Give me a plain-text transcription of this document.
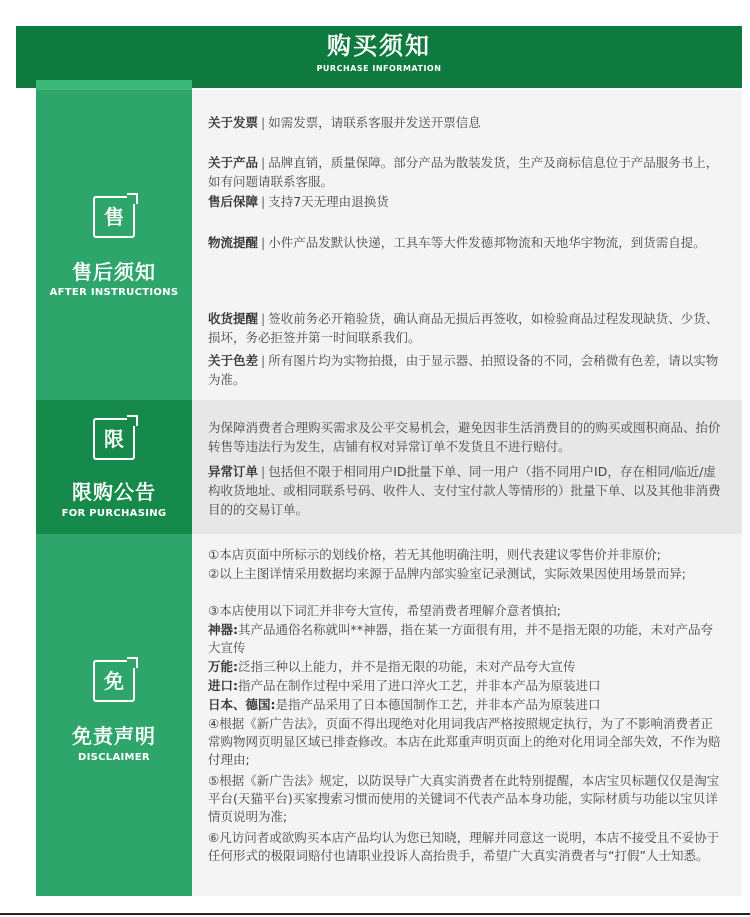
购买须知
PURCHASE INFORMATION
售
售后须知
AFTER INSTRUCTIONS
关于发票 | 如需发票，请联系客服并发送开票信息
关于产品 | 品牌直销，质量保障。部分产品为散装发货，生产及商标信息位于产品服务书上，如有问题请联系客服。
售后保障 | 支持7天无理由退换货
物流提醒 | 小件产品发默认快递，工具车等大件发德邦物流和天地华宇物流，到货需自提。
收货提醒 | 签收前务必开箱验货，确认商品无损后再签收，如检验商品过程发现缺货、少货、损坏，务必拒签并第一时间联系我们。
关于色差 | 所有图片均为实物拍摄，由于显示器、拍照设备的不同，会稍微有色差，请以实物为准。
限
限购公告
FOR PURCHASING
为保障消费者合理购买需求及公平交易机会，避免因非生活消费目的的购买或囤积商品、抬价转售等违法行为发生，店铺有权对异常订单不发货且不进行赔付。
异常订单 | 包括但不限于相同用户ID批量下单、同一用户（指不同用户ID，存在相同/临近/虚构收货地址、或相同联系号码、收件人、支付宝付款人等情形的）批量下单、以及其他非消费目的的交易订单。
免
免责声明
DISCLAIMER
①本店页面中所标示的划线价格，若无其他明确注明，则代表建议零售价并非原价;
②以上主图详情采用数据均来源于品牌内部实验室记录测试，实际效果因使用场景而异;
③本店使用以下词汇并非夸大宣传，希望消费者理解介意者慎拍;
神器:其产品通俗名称就叫**神器，指在某一方面很有用，并不是指无限的功能，未对产品夸大宣传
万能:泛指三种以上能力，并不是指无限的功能，未对产品夸大宣传
进口:指产品在制作过程中采用了进口淬火工艺，并非本产品为原装进口
日本、德国:是指产品采用了日本德国制作工艺，并非本产品为原装进口
④根据《新广告法》，页面不得出现绝对化用词我店严格按照规定执行，为了不影响消费者正常购物网页明显区域已排查修改。本店在此郑重声明页面上的绝对化用词全部失效，不作为赔付理由;
⑤根据《新广告法》规定，以防误导广大真实消费者在此特别提醒，本店宝贝标题仅仅是淘宝平台(天猫平台)买家搜索习惯而使用的关键词不代表产品本身功能，实际材质与功能以宝贝详情页说明为准;
⑥凡访问者或欲购买本店产品均认为您已知晓，理解并同意这一说明，本店不接受且不妥协于任何形式的极限词赔付也请职业投诉人高抬贵手，希望广大真实消费者与“打假”人士知悉。
